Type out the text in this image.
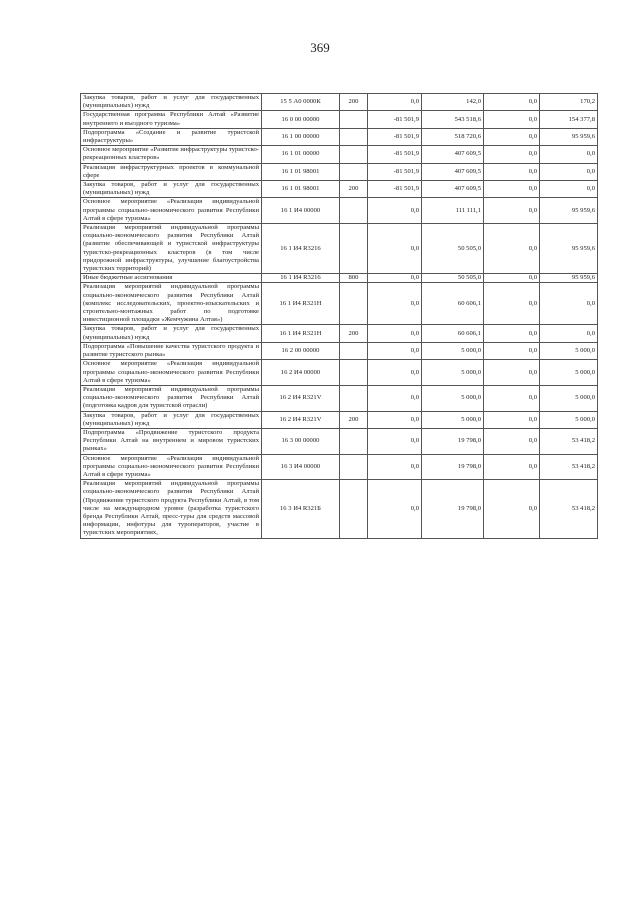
369
Закупка товаров, работ и услуг для государственных (муниципальных) нужд	15 5 А0 0000К	200	0,0	142,0	0,0	170,2
Государственная программа Республики Алтай «Развитие внутреннего и въездного туризма»	16 0 00 00000		-81 501,9	543 518,6	0,0	154 377,8
Подпрограмма «Создание и развитие туристской инфраструктуры»	16 1 00 00000		-81 501,9	518 720,6	0,0	95 959,6
Основное мероприятие «Развитие инфраструктуры туристско-рекреационных кластеров»	16 1 01 00000		-81 501,9	407 609,5	0,0	0,0
Реализация инфраструктурных проектов в коммунальной сфере	16 1 01 98001		-81 501,9	407 609,5	0,0	0,0
Закупка товаров, работ и услуг для государственных (муниципальных) нужд	16 1 01 98001	200	-81 501,9	407 609,5	0,0	0,0
Основное мероприятие «Реализация индивидуальной программы социально-экономического развития Республики Алтай в сфере туризма»	16 1 И4 00000		0,0	111 111,1	0,0	95 959,6
Реализация мероприятий индивидуальной программы социально-экономического развития Республики Алтай (развитие обеспечивающей и туристской инфраструктуры туристско-рекреационных кластеров (в том числе придорожной инфраструктуры, улучшение благоустройства туристских территорий)	16 1 И4 R3216		0,0	50 505,0	0,0	95 959,6
Иные бюджетные ассигнования	16 1 И4 R3216	800	0,0	50 505,0	0,0	95 959,6
Реализация мероприятий индивидуальной программы социально-экономического развития Республики Алтай (комплекс исследовательских, проектно-изыскательских и строительно-монтажных работ по подготовке инвестиционной площадки «Жемчужина Алтая»)	16 1 И4 R321Н		0,0	60 606,1	0,0	0,0
Закупка товаров, работ и услуг для государственных (муниципальных) нужд	16 1 И4 R321Н	200	0,0	60 606,1	0,0	0,0
Подпрограмма «Повышение качества туристского продукта и развитие туристского рынка»	16 2 00 00000		0,0	5 000,0	0,0	5 000,0
Основное мероприятие «Реализация индивидуальной программы социально-экономического развития Республики Алтай в сфере туризма»	16 2 И4 00000		0,0	5 000,0	0,0	5 000,0
Реализация мероприятий индивидуальной программы социально-экономического развития Республики Алтай (подготовка кадров для туристской отрасли)	16 2 И4 R321V		0,0	5 000,0	0,0	5 000,0
Закупка товаров, работ и услуг для государственных (муниципальных) нужд	16 2 И4 R321V	200	0,0	5 000,0	0,0	5 000,0
Подпрограмма «Продвижение туристского продукта Республики Алтай на внутреннем и мировом туристских рынках»	16 3 00 00000		0,0	19 798,0	0,0	53 418,2
Основное мероприятие «Реализация индивидуальной программы социально-экономического развития Республики Алтай в сфере туризма»	16 3 И4 00000		0,0	19 798,0	0,0	53 418,2
Реализация мероприятий индивидуальной программы социально-экономического развития Республики Алтай (Продвижение туристского продукта Республики Алтай, в том числе на международном уровне (разработка туристского бренда Республики Алтай, пресс-туры для средств массовой информации, инфотуры для туроператоров, участие в туристских мероприятиях,	16 3 И4 R321Б		0,0	19 798,0	0,0	53 418,2
